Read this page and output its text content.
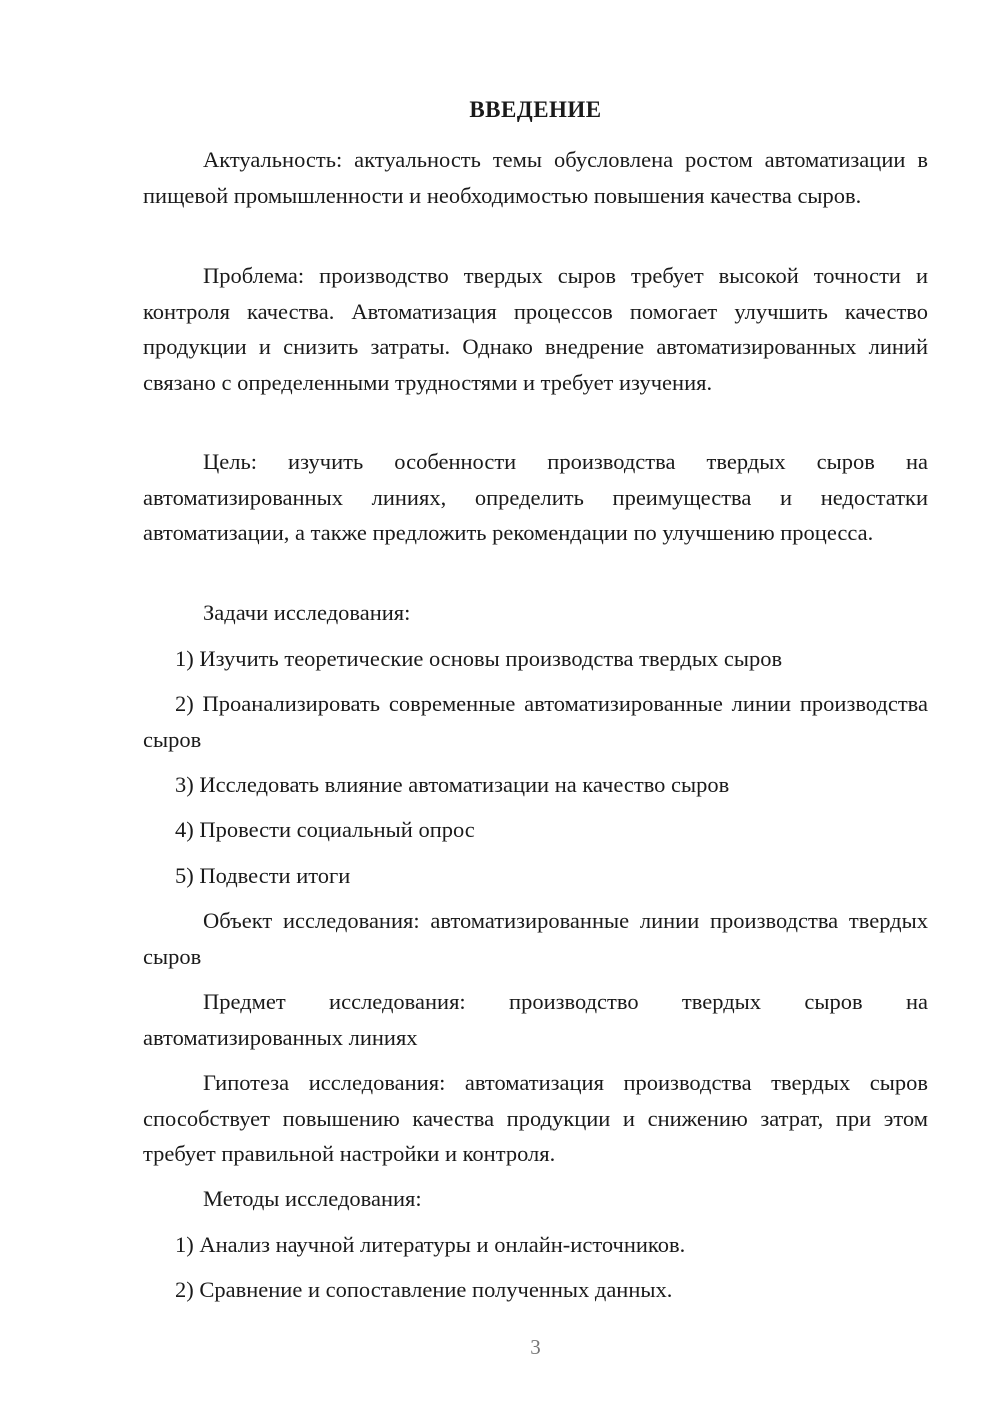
ВВЕДЕНИЕ

Актуальность: актуальность темы обусловлена ростом автоматизации в пищевой промышленности и необходимостью повышения качества сыров.

Проблема: производство твердых сыров требует высокой точности и контроля качества. Автоматизация процессов помогает улучшить качество продукции и снизить затраты. Однако внедрение автоматизированных линий связано с определенными трудностями и требует изучения.

Цель: изучить особенности производства твердых сыров на автоматизированных линиях, определить преимущества и недостатки автоматизации, а также предложить рекомендации по улучшению процесса.

Задачи исследования:

1) Изучить теоретические основы производства твердых сыров

2) Проанализировать современные автоматизированные линии производства сыров

3) Исследовать влияние автоматизации на качество сыров

4) Провести социальный опрос

5) Подвести итоги

Объект исследования: автоматизированные линии производства твердых сыров

Предмет исследования: производство твердых сыров на автоматизированных линиях

Гипотеза исследования: автоматизация производства твердых сыров способствует повышению качества продукции и снижению затрат, при этом требует правильной настройки и контроля.

Методы исследования:

1) Анализ научной литературы и онлайн-источников.

2) Сравнение и сопоставление полученных данных.

3
